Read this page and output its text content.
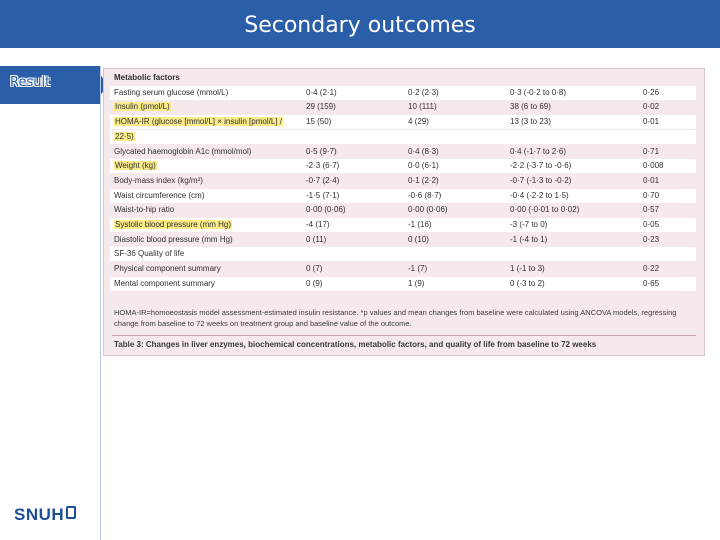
Secondary outcomes
Result
HOMA-IR=homoeostasis model assessment-estimated insulin resistance. *p values and mean changes from baseline were calculated using ANCOVA models, regressing change from baseline to 72 weeks on treatment group and baseline value of the outcome.
Table 3: Changes in liver enzymes, biochemical concentrations, metabolic factors, and quality of life from baseline to 72 weeks
Metabolic factors
Fasting serum glucose (mmol/L)	0·4 (2·1)	0·2 (2·3)	0·3 (-0·2 to 0·8)	0·26
Insulin (pmol/L)	29 (159)	10 (111)	38 (6 to 69)	0·02
HOMA-IR (glucose [mmol/L] × insulin [pmol/L] /	15 (50)	4 (29)	13 (3 to 23)	0·01
22·5)
Glycated haemoglobin A1c (mmol/mol)	0·5 (9·7)	0·4 (8·3)	0·4 (-1·7 to 2·6)	0·71
Weight (kg)	-2·3 (6·7)	0·0 (6·1)	-2·2 (-3·7 to -0·6)	0·008
Body-mass index (kg/m²)	-0·7 (2·4)	0·1 (2·2)	-0·7 (-1·3 to -0·2)	0·01
Waist circumference (cm)	-1·5 (7·1)	-0·6 (8·7)	-0·4 (-2·2 to 1·5)	0·70
Waist-to-hip ratio	0·00 (0·06)	0·00 (0·06)	0·00 (-0·01 to 0·02)	0·57
Systolic blood pressure (mm Hg)	-4 (17)	-1 (16)	-3 (-7 to 0)	0·05
Diastolic blood pressure (mm Hg)	0 (11)	0 (10)	-1 (-4 to 1)	0·23
SF-36 Quality of life
Physical component summary	0 (7)	-1 (7)	1 (-1 to 3)	0·22
Mental component summary	0 (9)	1 (9)	0 (-3 to 2)	0·65
SNUH
